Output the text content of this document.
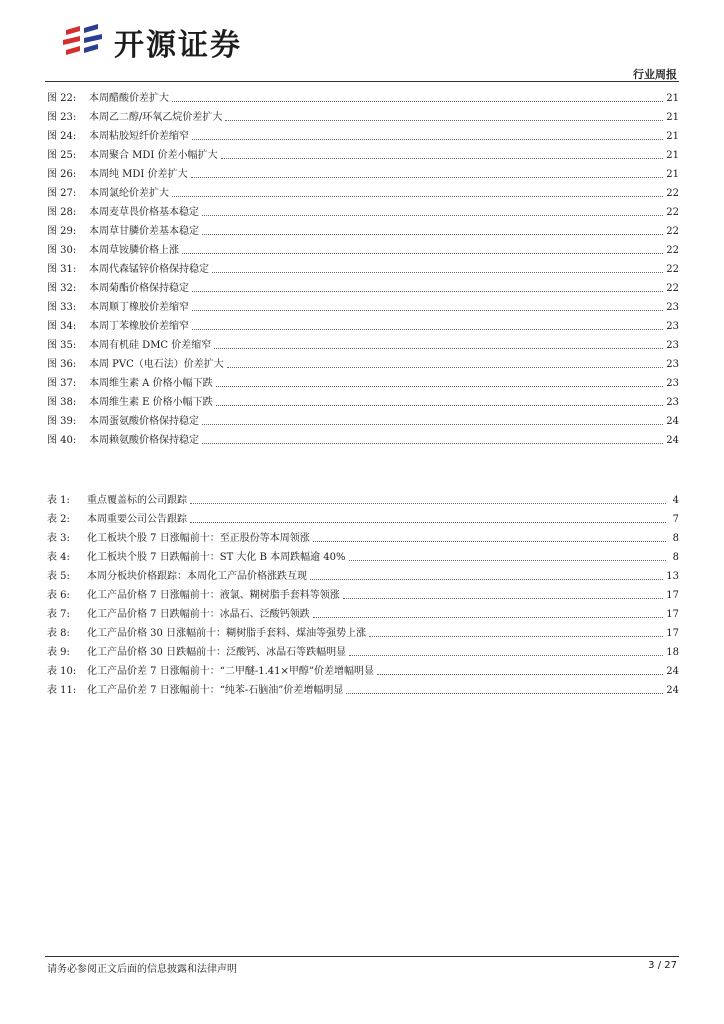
开源证券
行业周报
图 22:	本周醋酸价差扩大	21
图 23:	本周乙二醇/环氧乙烷价差扩大	21
图 24:	本周粘胶短纤价差缩窄	21
图 25:	本周聚合 MDI 价差小幅扩大	21
图 26:	本周纯 MDI 价差扩大	21
图 27:	本周氯纶价差扩大	22
图 28:	本周麦草畏价格基本稳定	22
图 29:	本周草甘膦价差基本稳定	22
图 30:	本周草铵膦价格上涨	22
图 31:	本周代森锰锌价格保持稳定	22
图 32:	本周菊酯价格保持稳定	22
图 33:	本周顺丁橡胶价差缩窄	23
图 34:	本周丁苯橡胶价差缩窄	23
图 35:	本周有机硅 DMC 价差缩窄	23
图 36:	本周 PVC（电石法）价差扩大	23
图 37:	本周维生素 A 价格小幅下跌	23
图 38:	本周维生素 E 价格小幅下跌	23
图 39:	本周蛋氨酸价格保持稳定	24
图 40:	本周赖氨酸价格保持稳定	24
表 1:	重点覆盖标的公司跟踪	4
表 2:	本周重要公司公告跟踪	7
表 3:	化工板块个股 7 日涨幅前十：至正股份等本周领涨	8
表 4:	化工板块个股 7 日跌幅前十：ST 大化 B 本周跌幅逾 40%	8
表 5:	本周分板块价格跟踪：本周化工产品价格涨跌互现	13
表 6:	化工产品价格 7 日涨幅前十：液氯、糊树脂手套料等领涨	17
表 7:	化工产品价格 7 日跌幅前十：冰晶石、泛酸钙领跌	17
表 8:	化工产品价格 30 日涨幅前十：糊树脂手套料、煤油等强势上涨	17
表 9:	化工产品价格 30 日跌幅前十：泛酸钙、冰晶石等跌幅明显	18
表 10:	化工产品价差 7 日涨幅前十：“二甲醚-1.41×甲醇”价差增幅明显	24
表 11:	化工产品价差 7 日涨幅前十：“纯苯-石脑油”价差增幅明显	24
请务必参阅正文后面的信息披露和法律声明	3 / 27
